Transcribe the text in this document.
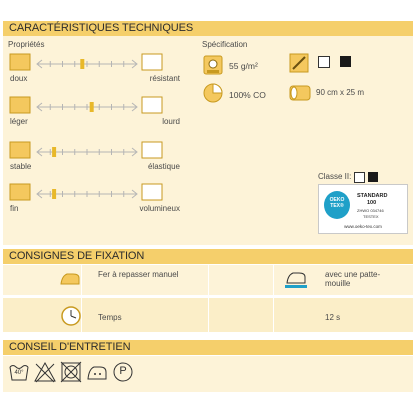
CARACTÉRISTIQUES TECHNIQUES
Propriétés	Spécification
doux	résistant
léger	lourd
stable	élastique
fin	volumineux
55 g/m²
100% CO	90 cm x 25 m
Classe II:
OEKO TEX®
STANDARD
100
ZHWO 034746
TESTEX
www.oeko-tex.com
CONSIGNES DE FIXATION
Fer à repasser manuel	avec une patte-mouille
Temps	12 s
CONSEIL D'ENTRETIEN
40°	P
